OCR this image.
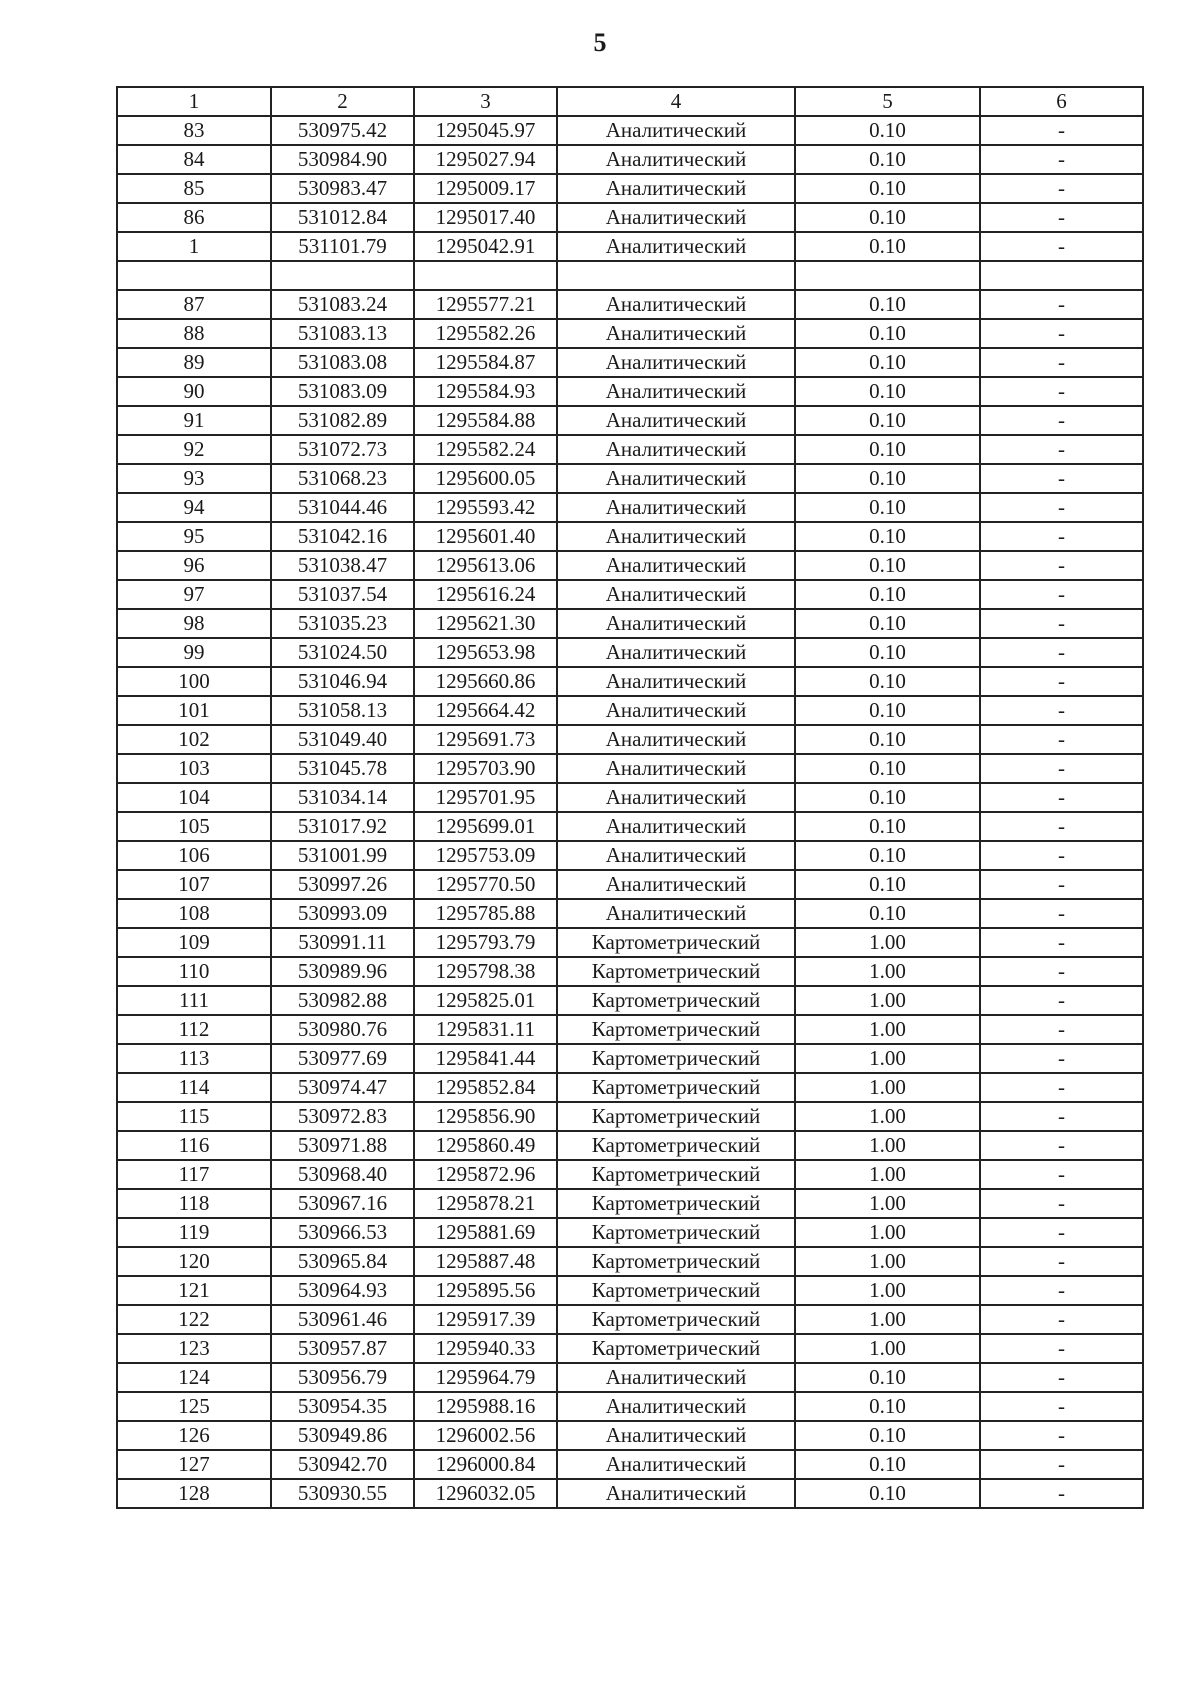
5
1	2	3	4	5	6
83	530975.42	1295045.97	Аналитический	0.10	-
84	530984.90	1295027.94	Аналитический	0.10	-
85	530983.47	1295009.17	Аналитический	0.10	-
86	531012.84	1295017.40	Аналитический	0.10	-
1	531101.79	1295042.91	Аналитический	0.10	-

87	531083.24	1295577.21	Аналитический	0.10	-
88	531083.13	1295582.26	Аналитический	0.10	-
89	531083.08	1295584.87	Аналитический	0.10	-
90	531083.09	1295584.93	Аналитический	0.10	-
91	531082.89	1295584.88	Аналитический	0.10	-
92	531072.73	1295582.24	Аналитический	0.10	-
93	531068.23	1295600.05	Аналитический	0.10	-
94	531044.46	1295593.42	Аналитический	0.10	-
95	531042.16	1295601.40	Аналитический	0.10	-
96	531038.47	1295613.06	Аналитический	0.10	-
97	531037.54	1295616.24	Аналитический	0.10	-
98	531035.23	1295621.30	Аналитический	0.10	-
99	531024.50	1295653.98	Аналитический	0.10	-
100	531046.94	1295660.86	Аналитический	0.10	-
101	531058.13	1295664.42	Аналитический	0.10	-
102	531049.40	1295691.73	Аналитический	0.10	-
103	531045.78	1295703.90	Аналитический	0.10	-
104	531034.14	1295701.95	Аналитический	0.10	-
105	531017.92	1295699.01	Аналитический	0.10	-
106	531001.99	1295753.09	Аналитический	0.10	-
107	530997.26	1295770.50	Аналитический	0.10	-
108	530993.09	1295785.88	Аналитический	0.10	-
109	530991.11	1295793.79	Картометрический	1.00	-
110	530989.96	1295798.38	Картометрический	1.00	-
111	530982.88	1295825.01	Картометрический	1.00	-
112	530980.76	1295831.11	Картометрический	1.00	-
113	530977.69	1295841.44	Картометрический	1.00	-
114	530974.47	1295852.84	Картометрический	1.00	-
115	530972.83	1295856.90	Картометрический	1.00	-
116	530971.88	1295860.49	Картометрический	1.00	-
117	530968.40	1295872.96	Картометрический	1.00	-
118	530967.16	1295878.21	Картометрический	1.00	-
119	530966.53	1295881.69	Картометрический	1.00	-
120	530965.84	1295887.48	Картометрический	1.00	-
121	530964.93	1295895.56	Картометрический	1.00	-
122	530961.46	1295917.39	Картометрический	1.00	-
123	530957.87	1295940.33	Картометрический	1.00	-
124	530956.79	1295964.79	Аналитический	0.10	-
125	530954.35	1295988.16	Аналитический	0.10	-
126	530949.86	1296002.56	Аналитический	0.10	-
127	530942.70	1296000.84	Аналитический	0.10	-
128	530930.55	1296032.05	Аналитический	0.10	-
